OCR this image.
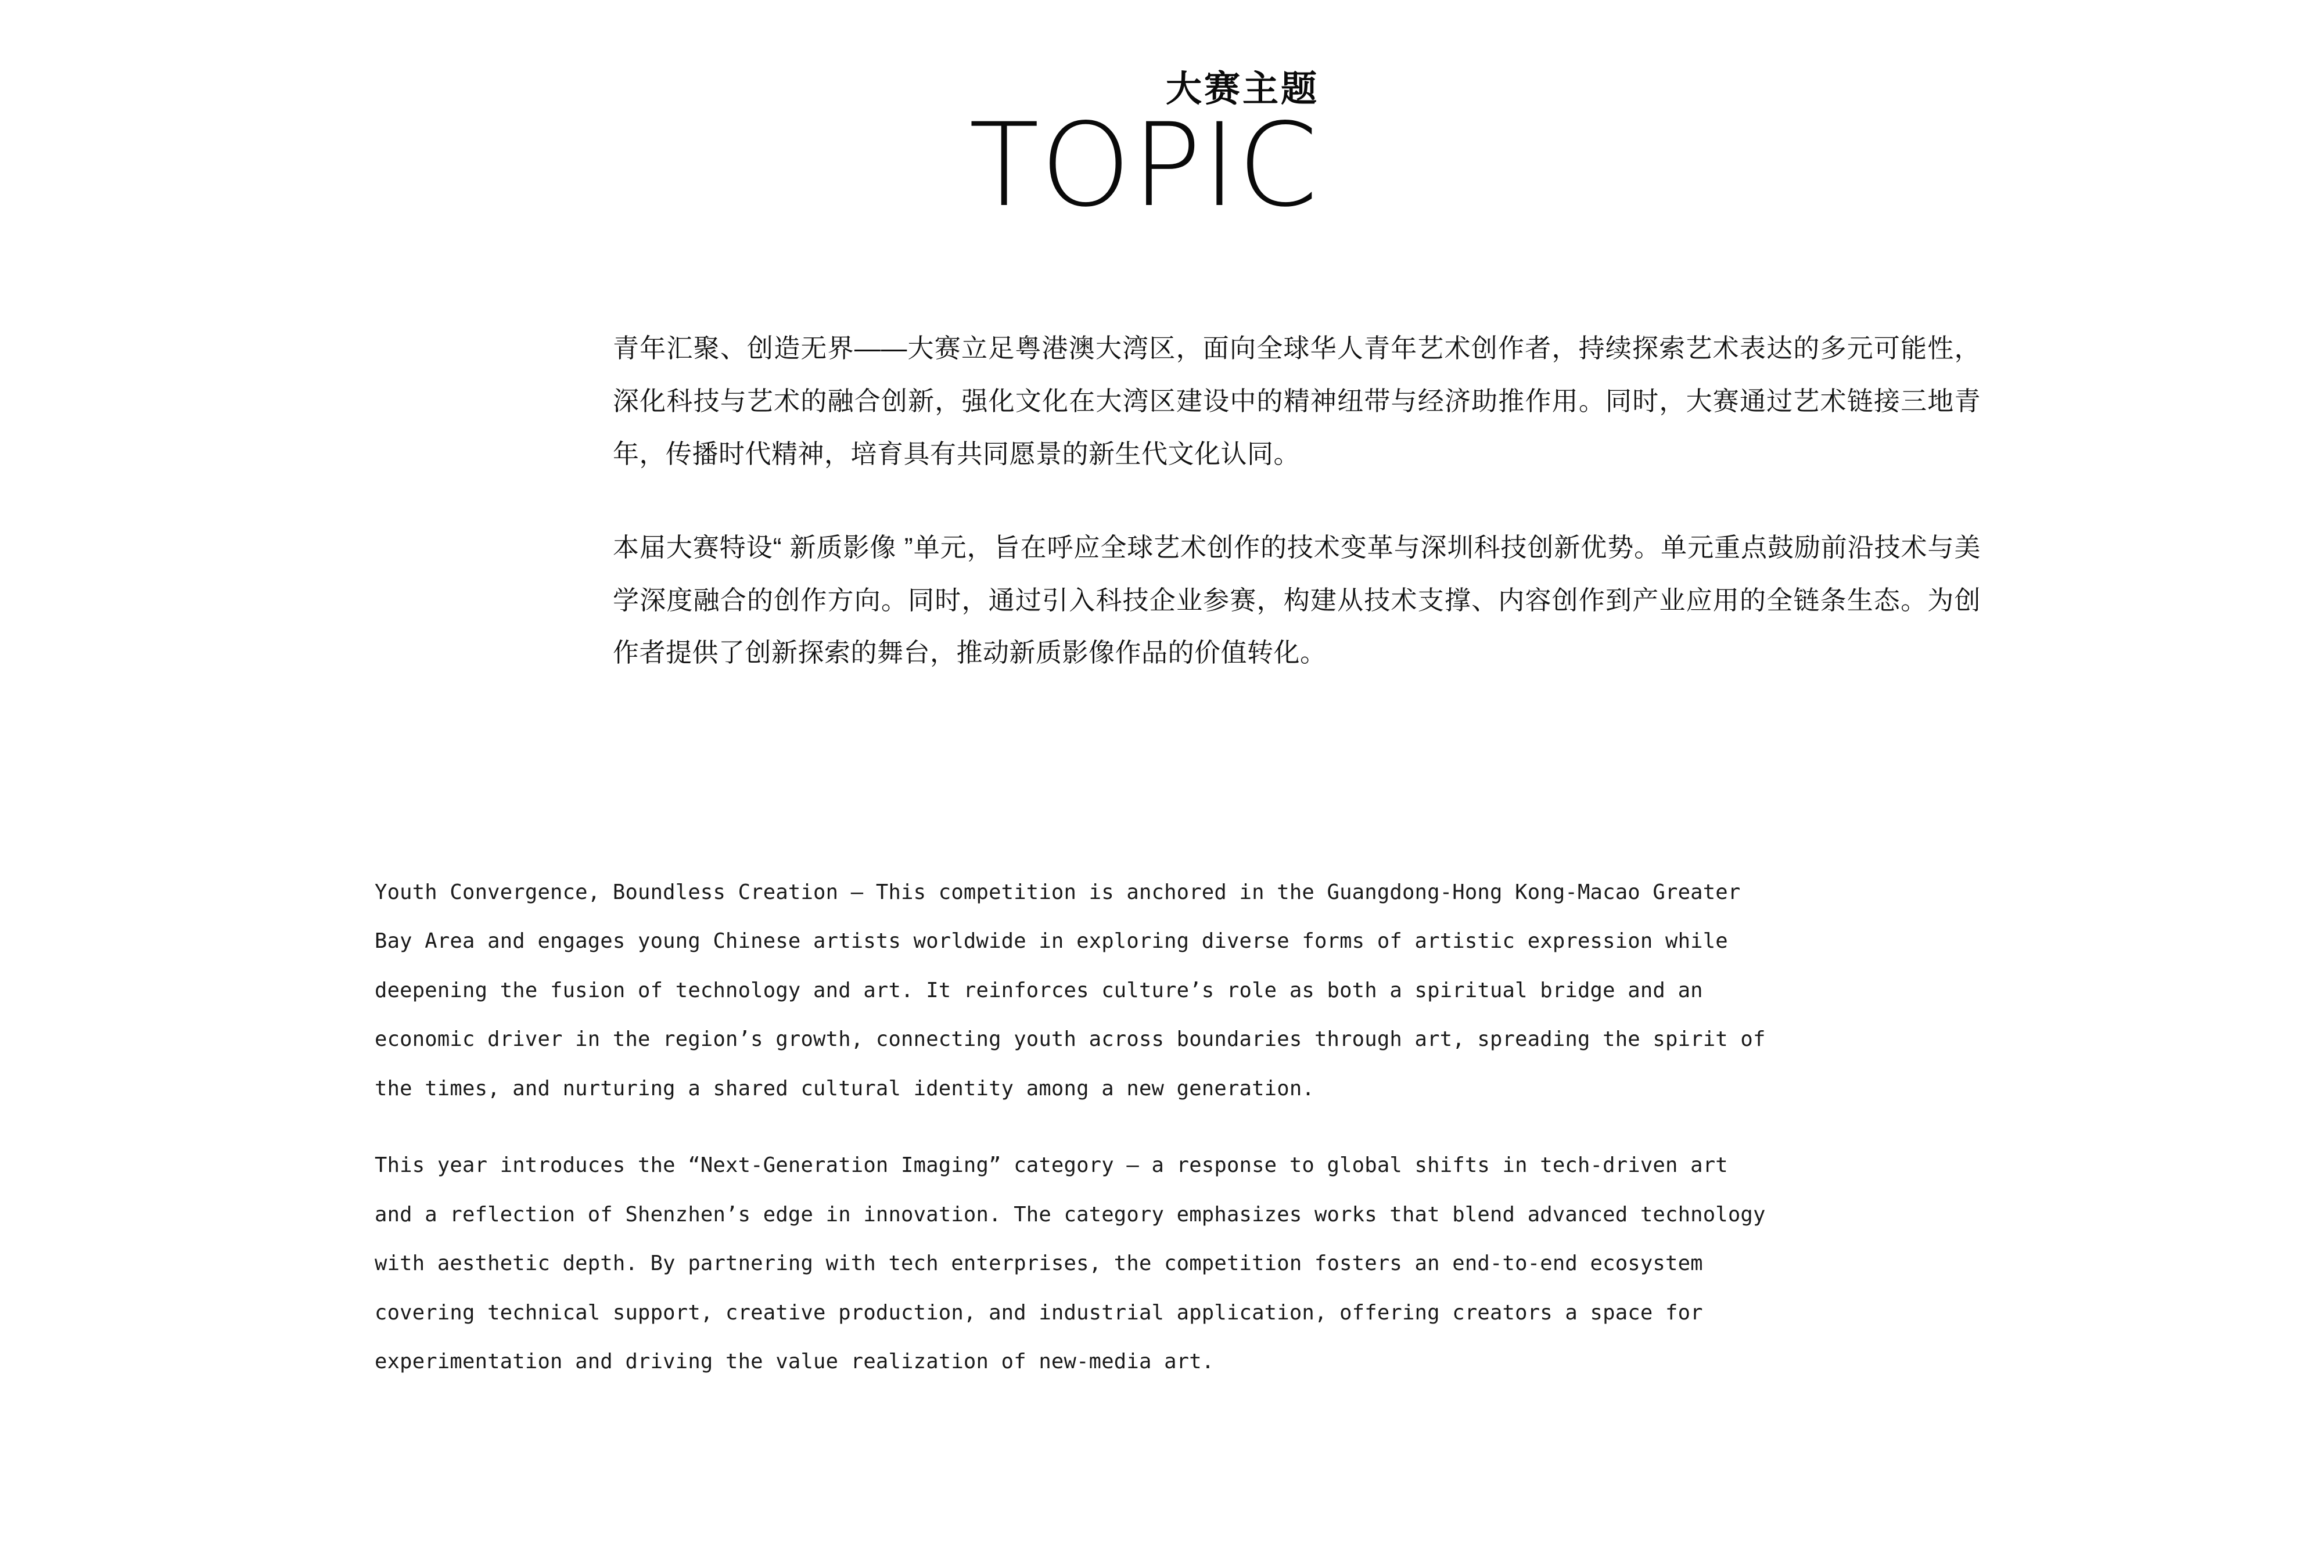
大赛主题
TOPIC

青年汇聚、创造无界——大赛立足粤港澳大湾区，面向全球华人青年艺术创作者，持续探索艺术表达的多元可能性，深化科技与艺术的融合创新，强化文化在大湾区建设中的精神纽带与经济助推作用。同时，大赛通过艺术链接三地青年，传播时代精神，培育具有共同愿景的新生代文化认同。

本届大赛特设“ 新质影像 ”单元，旨在呼应全球艺术创作的技术变革与深圳科技创新优势。单元重点鼓励前沿技术与美学深度融合的创作方向。同时，通过引入科技企业参赛，构建从技术支撑、内容创作到产业应用的全链条生态。为创作者提供了创新探索的舞台，推动新质影像作品的价值转化。

Youth Convergence, Boundless Creation — This competition is anchored in the Guangdong-Hong Kong-Macao Greater Bay Area and engages young Chinese artists worldwide in exploring diverse forms of artistic expression while deepening the fusion of technology and art. It reinforces culture’s role as both a spiritual bridge and an economic driver in the region’s growth, connecting youth across boundaries through art, spreading the spirit of the times, and nurturing a shared cultural identity among a new generation.

This year introduces the “Next-Generation Imaging” category — a response to global shifts in tech-driven art and a reflection of Shenzhen’s edge in innovation. The category emphasizes works that blend advanced technology with aesthetic depth. By partnering with tech enterprises, the competition fosters an end-to-end ecosystem covering technical support, creative production, and industrial application, offering creators a space for experimentation and driving the value realization of new-media art.
